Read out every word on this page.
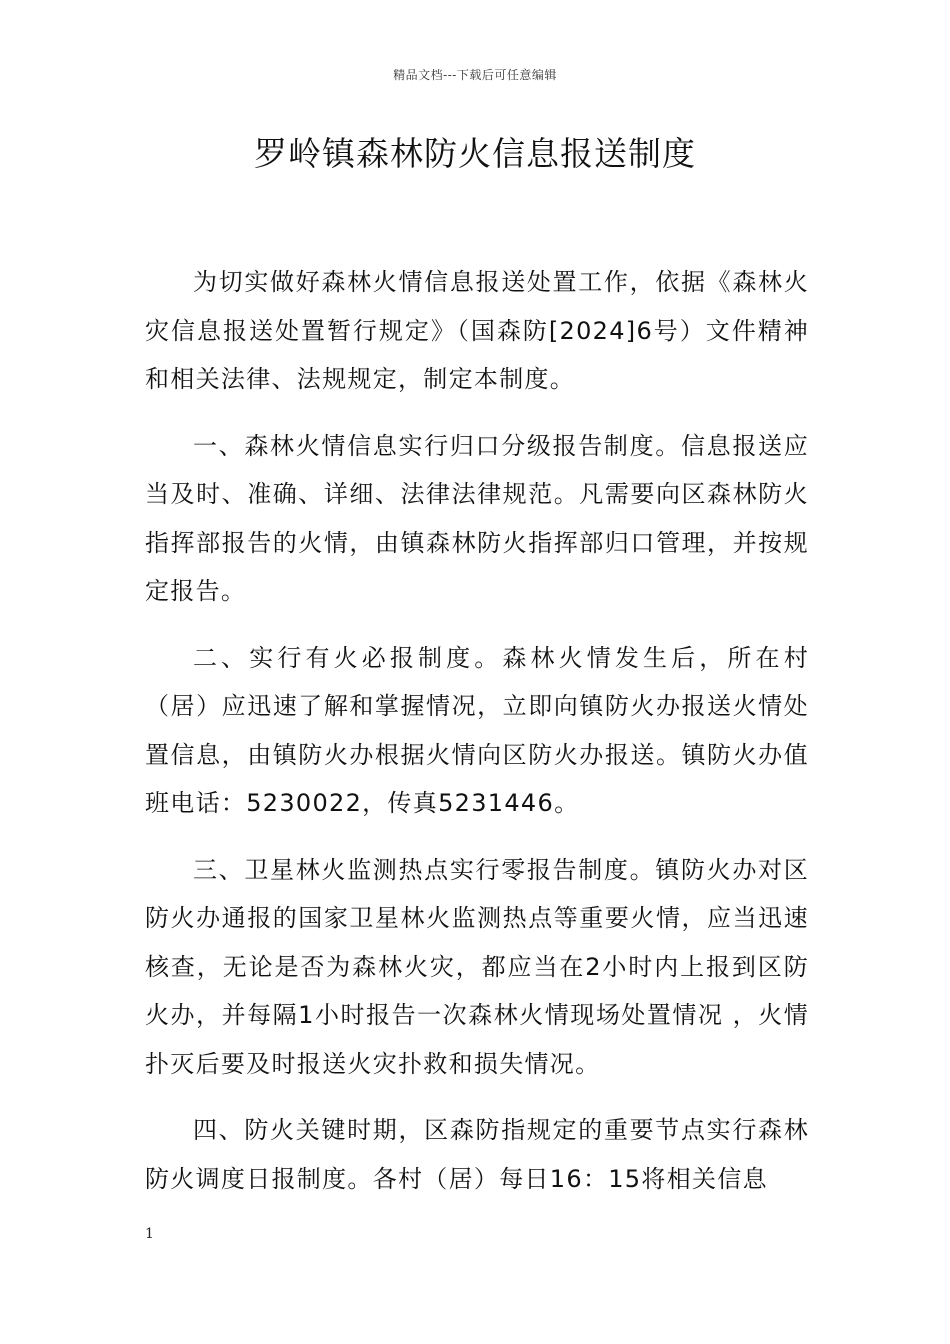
精品文档---下载后可任意编辑
罗岭镇森林防火信息报送制度

为切实做好森林火情信息报送处置工作，依据《森林火灾信息报送处置暂行规定》（国森防[2024]6号）文件精神和相关法律、法规规定，制定本制度。

一、森林火情信息实行归口分级报告制度。信息报送应当及时、准确、详细、法律法律规范。凡需要向区森林防火指挥部报告的火情，由镇森林防火指挥部归口管理，并按规定报告。

二、实行有火必报制度。森林火情发生后，所在村（居）应迅速了解和掌握情况，立即向镇防火办报送火情处置信息，由镇防火办根据火情向区防火办报送。镇防火办值班电话：5230022，传真5231446。

三、卫星林火监测热点实行零报告制度。镇防火办对区防火办通报的国家卫星林火监测热点等重要火情，应当迅速核查，无论是否为森林火灾，都应当在2小时内上报到区防火办，并每隔1小时报告一次森林火情现场处置情况 ，火情扑灭后要及时报送火灾扑救和损失情况。

四、防火关键时期，区森防指规定的重要节点实行森林防火调度日报制度。各村（居）每日16：15将相关信息

1
